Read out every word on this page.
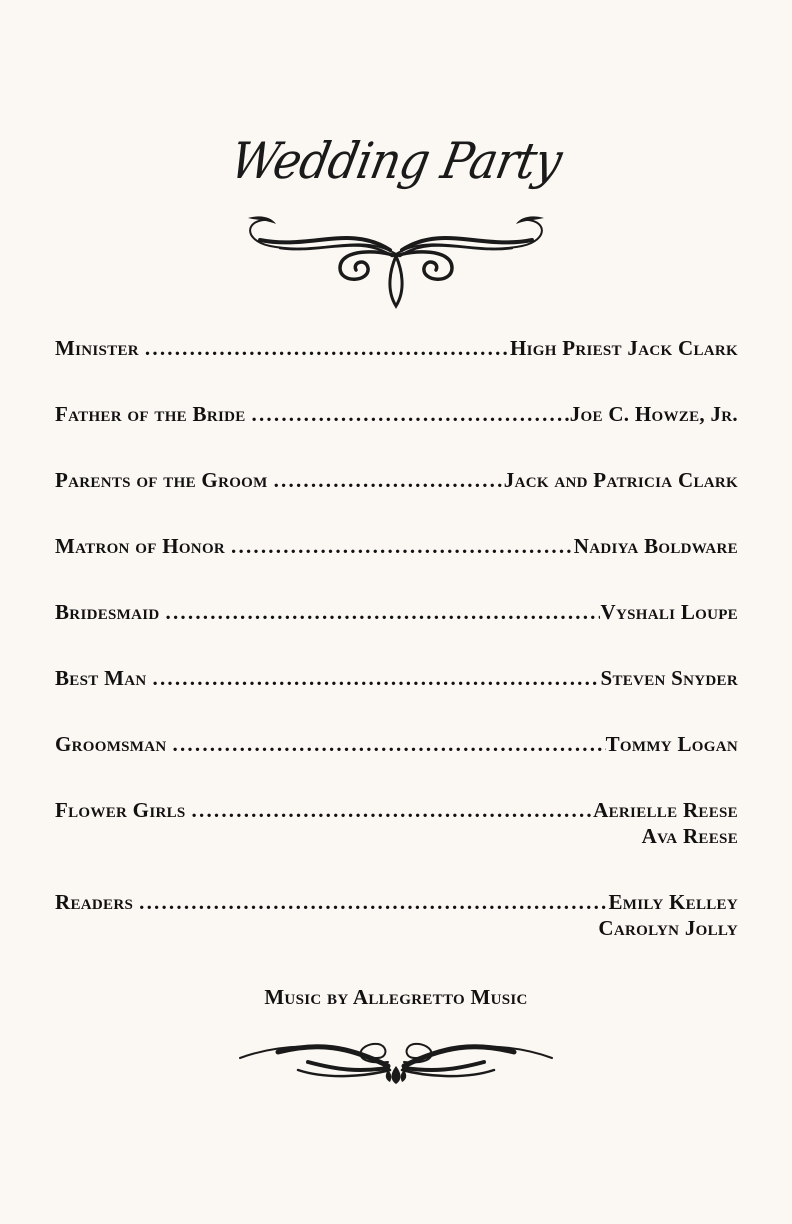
Wedding Party
Minister .....	High Priest Jack Clark
Father of the Bride .....	Joe C. Howze, Jr.
Parents of the Groom .....	Jack and Patricia Clark
Matron of Honor .....	Nadiya Boldware
Bridesmaid .....	Vyshali Loupe
Best Man .....	Steven Snyder
Groomsman .....	Tommy Logan
Flower Girls .....	Aerielle Reese
Ava Reese
Readers .....	Emily Kelley
Carolyn Jolly
Music by Allegretto Music
